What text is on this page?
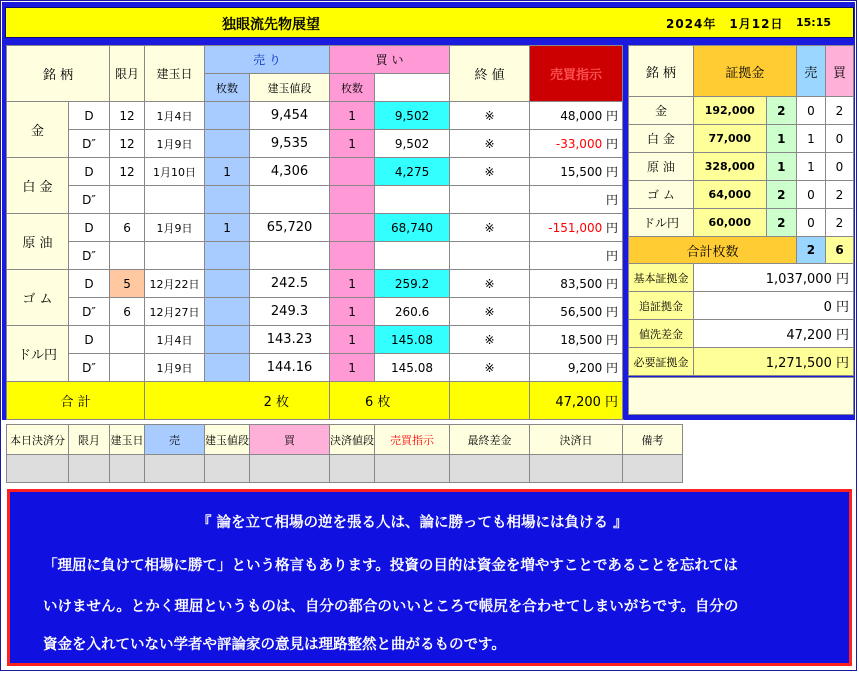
独眼流先物展望	2024年　1月12日 15:15
銘 柄		限月	建玉日	売 り		買 い		終 値	売買指示	
				枚数	建玉値段	枚数				
金	D	12	1月4日		9,454	1	9,502	※	48,000 円	
	D″	12	1月9日		9,535	1	9,502	※	-33,000 円	
白 金	D	12	1月10日	1	4,306		4,275	※	15,500 円	
	D″								円	
原 油	D	6	1月9日	1	65,720		68,740	※	-151,000 円	
	D″								円	
ゴ ム	D	5	12月22日		242.5	1	259.2	※	83,500 円	
	D″	6	12月27日		249.3	1	260.6	※	56,500 円	
ドル円	D		1月4日		143.23	1	145.08	※	18,500 円	
	D″		1月9日		144.16	1	145.08	※	9,200 円	
合 計			2 枚			6 枚			47,200 円	
銘 柄	証拠金		売	買
金	192,000	2	0	2
白 金	77,000	1	1	0
原 油	328,000	1	1	0
ゴ ム	64,000	2	0	2
ドル円	60,000	2	0	2
合計枚数			2	6
基本証拠金	1,037,000 円			
追証拠金	0 円			
値洗差金	47,200 円			
必要証拠金	1,271,500 円			
本日決済分	限月	建玉日	売	建玉値段	買	決済値段	売買指示	最終差金	決済日	備考

『 論を立て相場の逆を張る人は、論に勝っても相場には負ける 』

「理屈に負けて相場に勝て」という格言もあります。投資の目的は資金を増やすことであることを忘れては

いけません。とかく理屈というものは、自分の都合のいいところで帳尻を合わせてしまいがちです。自分の

資金を入れていない学者や評論家の意見は理路整然と曲がるものです。
